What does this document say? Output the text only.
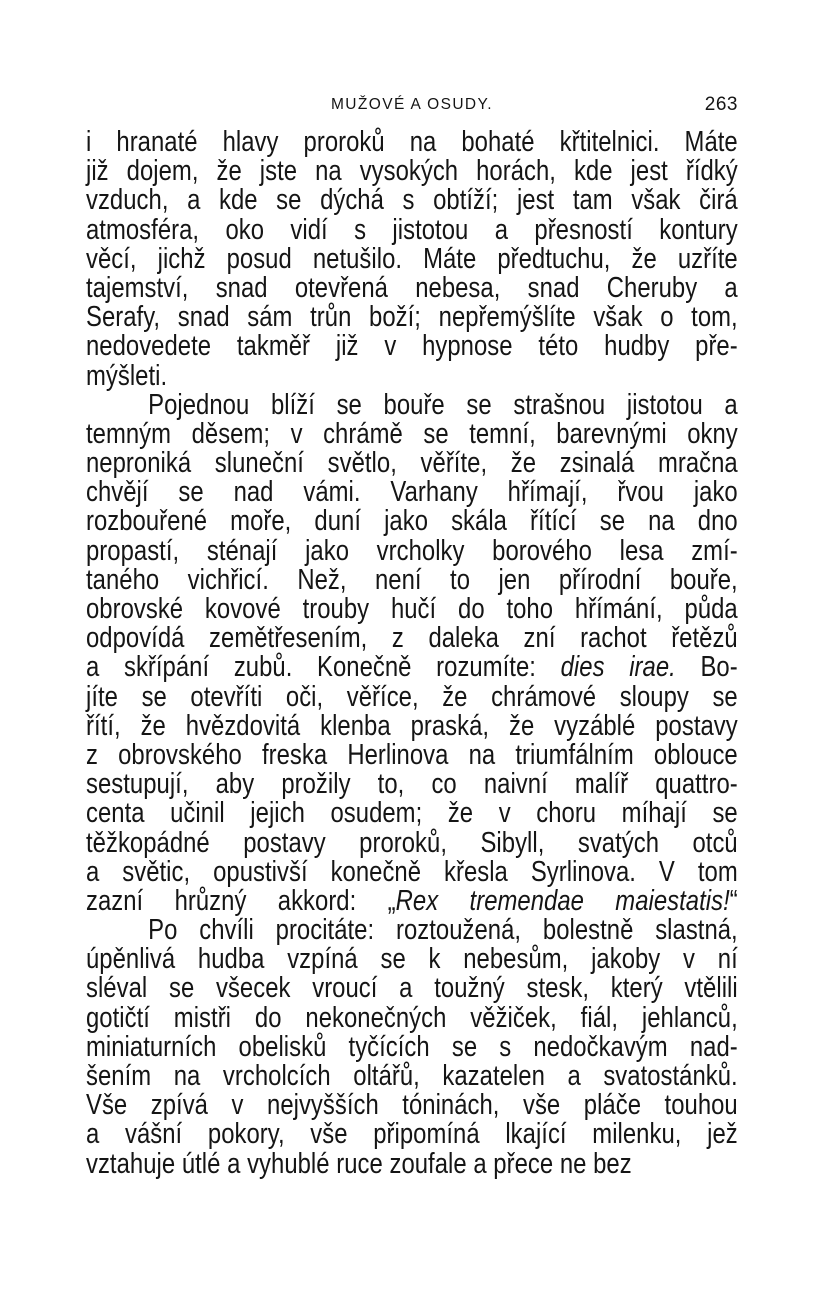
MUŽOVÉ A OSUDY.	263
i hranaté hlavy proroků na bohaté křtitelnici. Máte
již dojem, že jste na vysokých horách, kde jest řídký
vzduch, a kde se dýchá s obtíží; jest tam však čirá
atmosféra, oko vidí s jistotou a přesností kontury
věcí, jichž posud netušilo. Máte předtuchu, že uzříte
tajemství, snad otevřená nebesa, snad Cheruby a
Serafy, snad sám trůn boží; nepřemýšlíte však o tom,
nedovedete takměř již v hypnose této hudby pře-
mýšleti.
Pojednou blíží se bouře se strašnou jistotou a
temným děsem; v chrámě se temní, barevnými okny
neproniká sluneční světlo, věříte, že zsinalá mračna
chvějí se nad vámi. Varhany hřímají, řvou jako
rozbouřené moře, duní jako skála řítící se na dno
propastí, sténají jako vrcholky borového lesa zmí-
taného vichřicí. Než, není to jen přírodní bouře,
obrovské kovové trouby hučí do toho hřímání, půda
odpovídá zemětřesením, z daleka zní rachot řetězů
a skřípání zubů. Konečně rozumíte: dies irae. Bo-
jíte se otevříti oči, věříce, že chrámové sloupy se
řítí, že hvězdovitá klenba praská, že vyzáblé postavy
z obrovského freska Herlinova na triumfálním oblouce
sestupují, aby prožily to, co naivní malíř quattro-
centa učinil jejich osudem; že v choru míhají se
těžkopádné postavy proroků, Sibyll, svatých otců
a světic, opustivší konečně křesla Syrlinova. V tom
zazní hrůzný akkord: „Rex tremendae maiestatis!“
Po chvíli procitáte: roztoužená, bolestně slastná,
úpěnlivá hudba vzpíná se k nebesům, jakoby v ní
sléval se všecek vroucí a toužný stesk, který vtělili
gotičtí mistři do nekonečných věžiček, fiál, jehlanců,
miniaturních obelisků tyčících se s nedočkavým nad-
šením na vrcholcích oltářů, kazatelen a svatostánků.
Vše zpívá v nejvyšších tóninách, vše pláče touhou
a vášní pokory, vše připomíná lkající milenku, jež
vztahuje útlé a vyhublé ruce zoufale a přece ne bez
